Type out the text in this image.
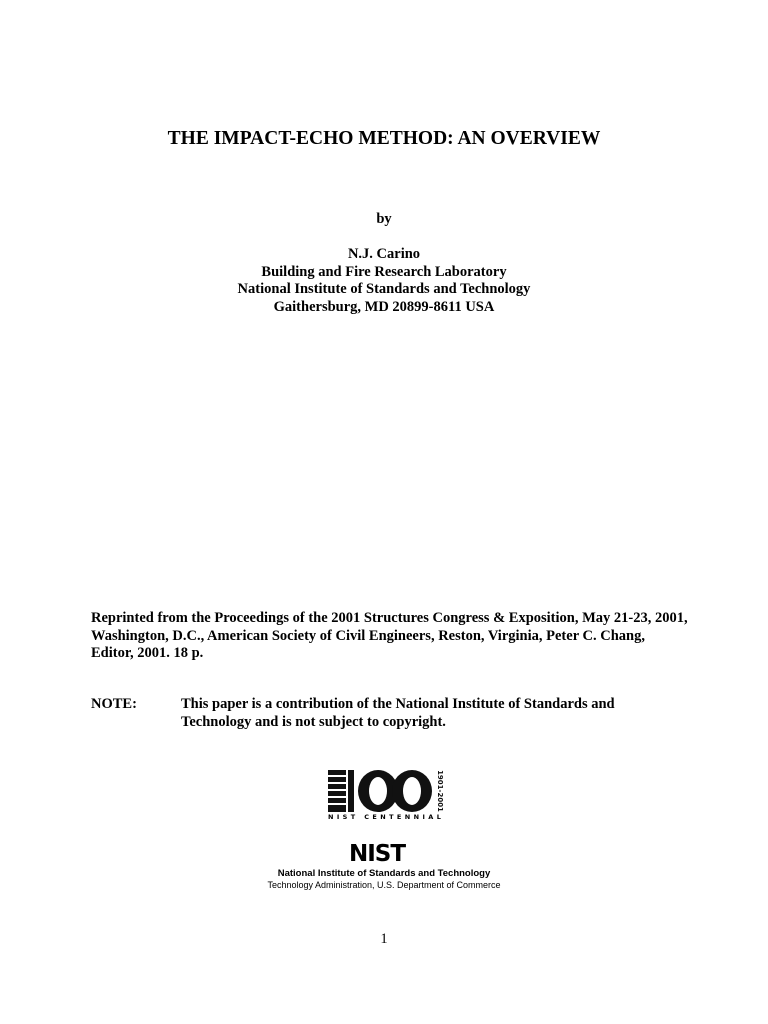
THE IMPACT-ECHO METHOD: AN OVERVIEW
by
N.J. Carino
Building and Fire Research Laboratory
National Institute of Standards and Technology
Gaithersburg, MD 20899-8611 USA
Reprinted from the Proceedings of the 2001 Structures Congress & Exposition, May 21-23, 2001, Washington, D.C., American Society of Civil Engineers, Reston, Virginia, Peter C. Chang, Editor, 2001. 18 p.
NOTE:	This paper is a contribution of the National Institute of Standards and Technology and is not subject to copyright.
1901-2001
NIST CENTENNIAL
NIST
National Institute of Standards and Technology
Technology Administration, U.S. Department of Commerce
1
